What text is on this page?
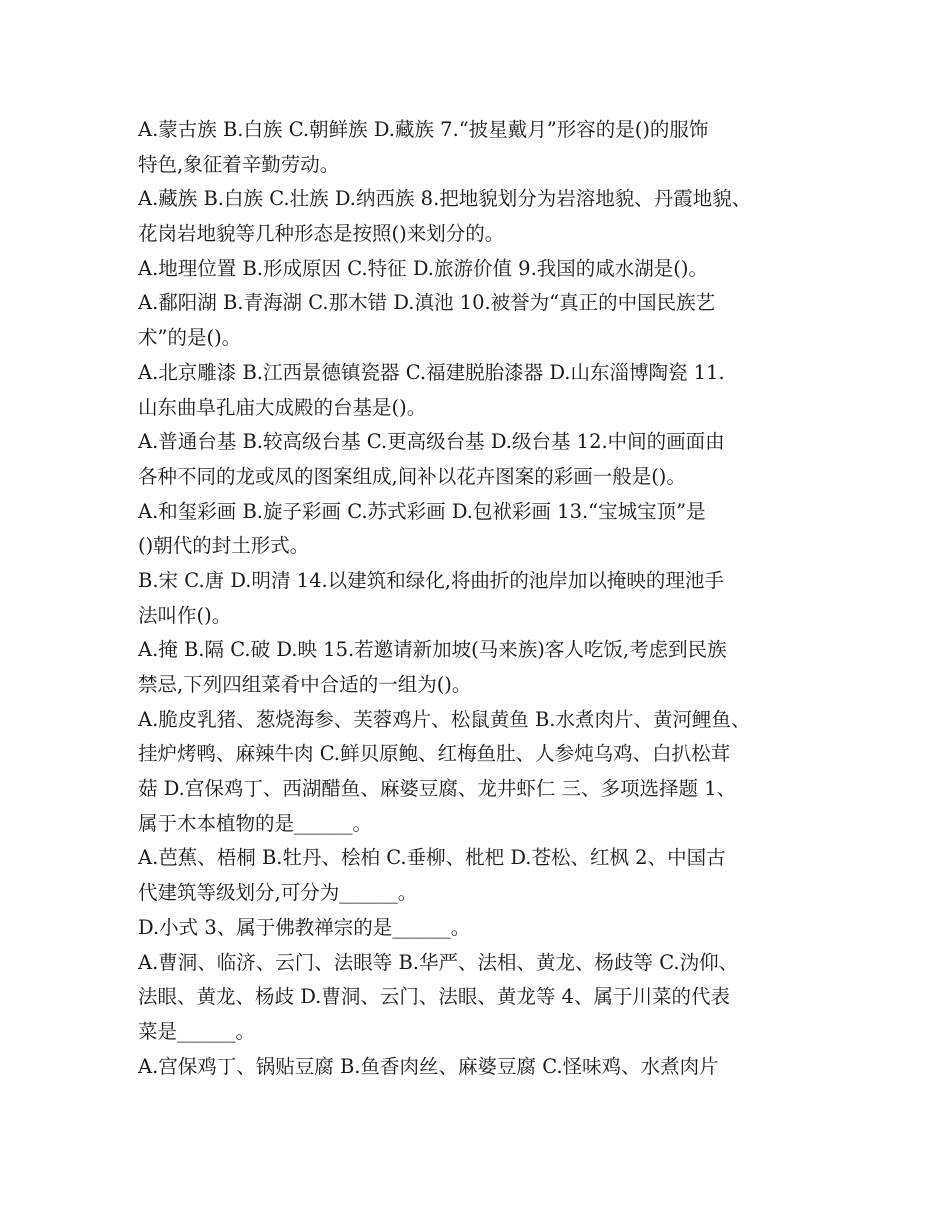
A.蒙古族 B.白族 C.朝鲜族 D.藏族 7.“披星戴月”形容的是()的服饰
特色,象征着辛勤劳动。
A.藏族 B.白族 C.壮族 D.纳西族 8.把地貌划分为岩溶地貌、丹霞地貌、
花岗岩地貌等几种形态是按照()来划分的。
A.地理位置 B.形成原因 C.特征 D.旅游价值 9.我国的咸水湖是()。
A.鄱阳湖 B.青海湖 C.那木错 D.滇池 10.被誉为“真正的中国民族艺
术”的是()。
A.北京雕漆 B.江西景德镇瓷器 C.福建脱胎漆器 D.山东淄博陶瓷 11.
山东曲阜孔庙大成殿的台基是()。
A.普通台基 B.较高级台基 C.更高级台基 D.级台基 12.中间的画面由
各种不同的龙或凤的图案组成,间补以花卉图案的彩画一般是()。
A.和玺彩画 B.旋子彩画 C.苏式彩画 D.包袱彩画 13.“宝城宝顶”是
()朝代的封土形式。
B.宋 C.唐 D.明清 14.以建筑和绿化,将曲折的池岸加以掩映的理池手
法叫作()。
A.掩 B.隔 C.破 D.映 15.若邀请新加坡(马来族)客人吃饭,考虑到民族
禁忌,下列四组菜肴中合适的一组为()。
A.脆皮乳猪、葱烧海参、芙蓉鸡片、松鼠黄鱼 B.水煮肉片、黄河鲤鱼、
挂炉烤鸭、麻辣牛肉 C.鲜贝原鲍、红梅鱼肚、人参炖乌鸡、白扒松茸
菇 D.宫保鸡丁、西湖醋鱼、麻婆豆腐、龙井虾仁 三、多项选择题 1、
属于木本植物的是______。
A.芭蕉、梧桐 B.牡丹、桧柏 C.垂柳、枇杷 D.苍松、红枫 2、中国古
代建筑等级划分,可分为______。
D.小式 3、属于佛教禅宗的是______。
A.曹洞、临济、云门、法眼等 B.华严、法相、黄龙、杨歧等 C.沩仰、
法眼、黄龙、杨歧 D.曹洞、云门、法眼、黄龙等 4、属于川菜的代表
菜是______。
A.宫保鸡丁、锅贴豆腐 B.鱼香肉丝、麻婆豆腐 C.怪味鸡、水煮肉片
